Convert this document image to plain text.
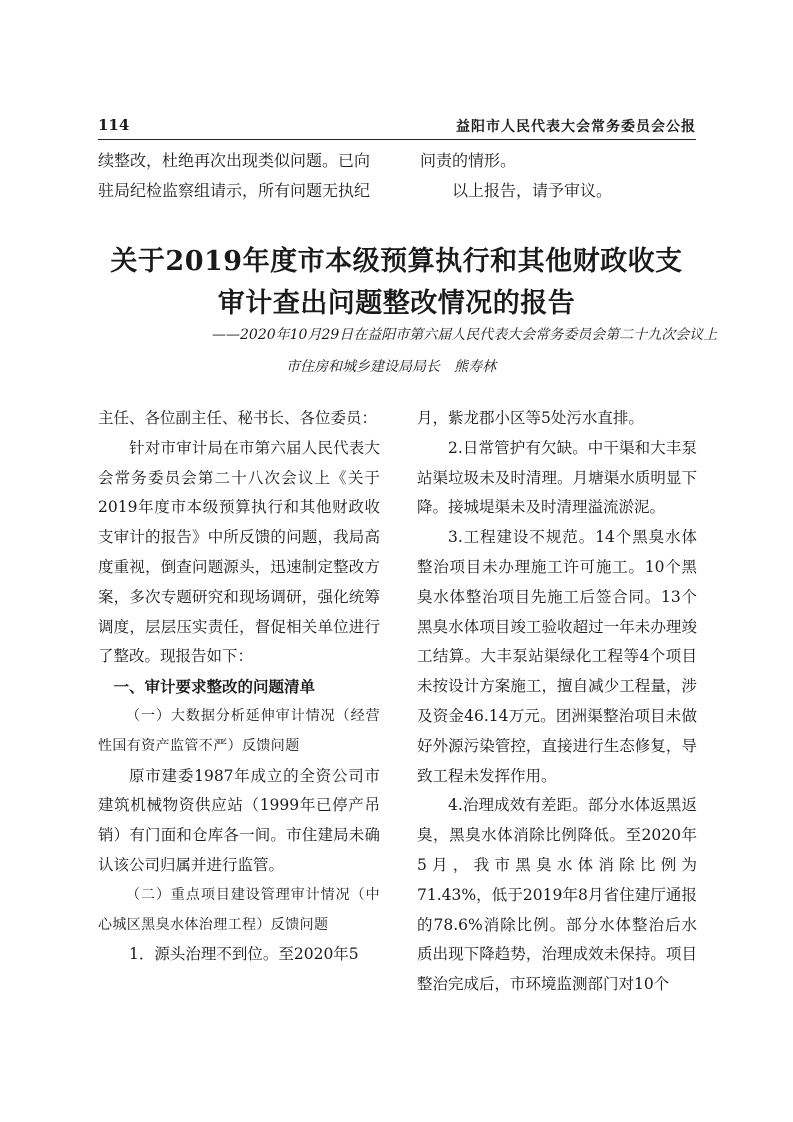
114	益阳市人民代表大会常务委员会公报
续整改，杜绝再次出现类似问题。已向
驻局纪检监察组请示，所有问题无执纪
问责的情形。
以上报告，请予审议。
关于2019年度市本级预算执行和其他财政收支
审计查出问题整改情况的报告
——2020年10月29日在益阳市第六届人民代表大会常务委员会第二十九次会议上
市住房和城乡建设局局长　熊寿林

主任、各位副主任、秘书长、各位委员：

针对市审计局在市第六届人民代表大会常务委员会第二十八次会议上《关于2019年度市本级预算执行和其他财政收支审计的报告》中所反馈的问题，我局高度重视，倒查问题源头，迅速制定整改方案，多次专题研究和现场调研，强化统筹调度，层层压实责任，督促相关单位进行了整改。现报告如下：

一、审计要求整改的问题清单

（一）大数据分析延伸审计情况（经营性国有资产监管不严）反馈问题

原市建委1987年成立的全资公司市建筑机械物资供应站（1999年已停产吊销）有门面和仓库各一间。市住建局未确认该公司归属并进行监管。

（二）重点项目建设管理审计情况（中心城区黑臭水体治理工程）反馈问题

1．源头治理不到位。至2020年5

月，紫龙郡小区等5处污水直排。

2.日常管护有欠缺。中干渠和大丰泵站渠垃圾未及时清理。月塘渠水质明显下降。接城堤渠未及时清理溢流淤泥。

3.工程建设不规范。14个黑臭水体整治项目未办理施工许可施工。10个黑臭水体整治项目先施工后签合同。13个黑臭水体项目竣工验收超过一年未办理竣工结算。大丰泵站渠绿化工程等4个项目未按设计方案施工，擅自减少工程量，涉及资金46.14万元。团洲渠整治项目未做好外源污染管控，直接进行生态修复，导致工程未发挥作用。

4.治理成效有差距。部分水体返黑返臭，黑臭水体消除比例降低。至2020年5月，我市黑臭水体消除比例为71.43%，低于2019年8月省住建厅通报的78.6%消除比例。部分水体整治后水质出现下降趋势，治理成效未保持。项目整治完成后，市环境监测部门对10个
